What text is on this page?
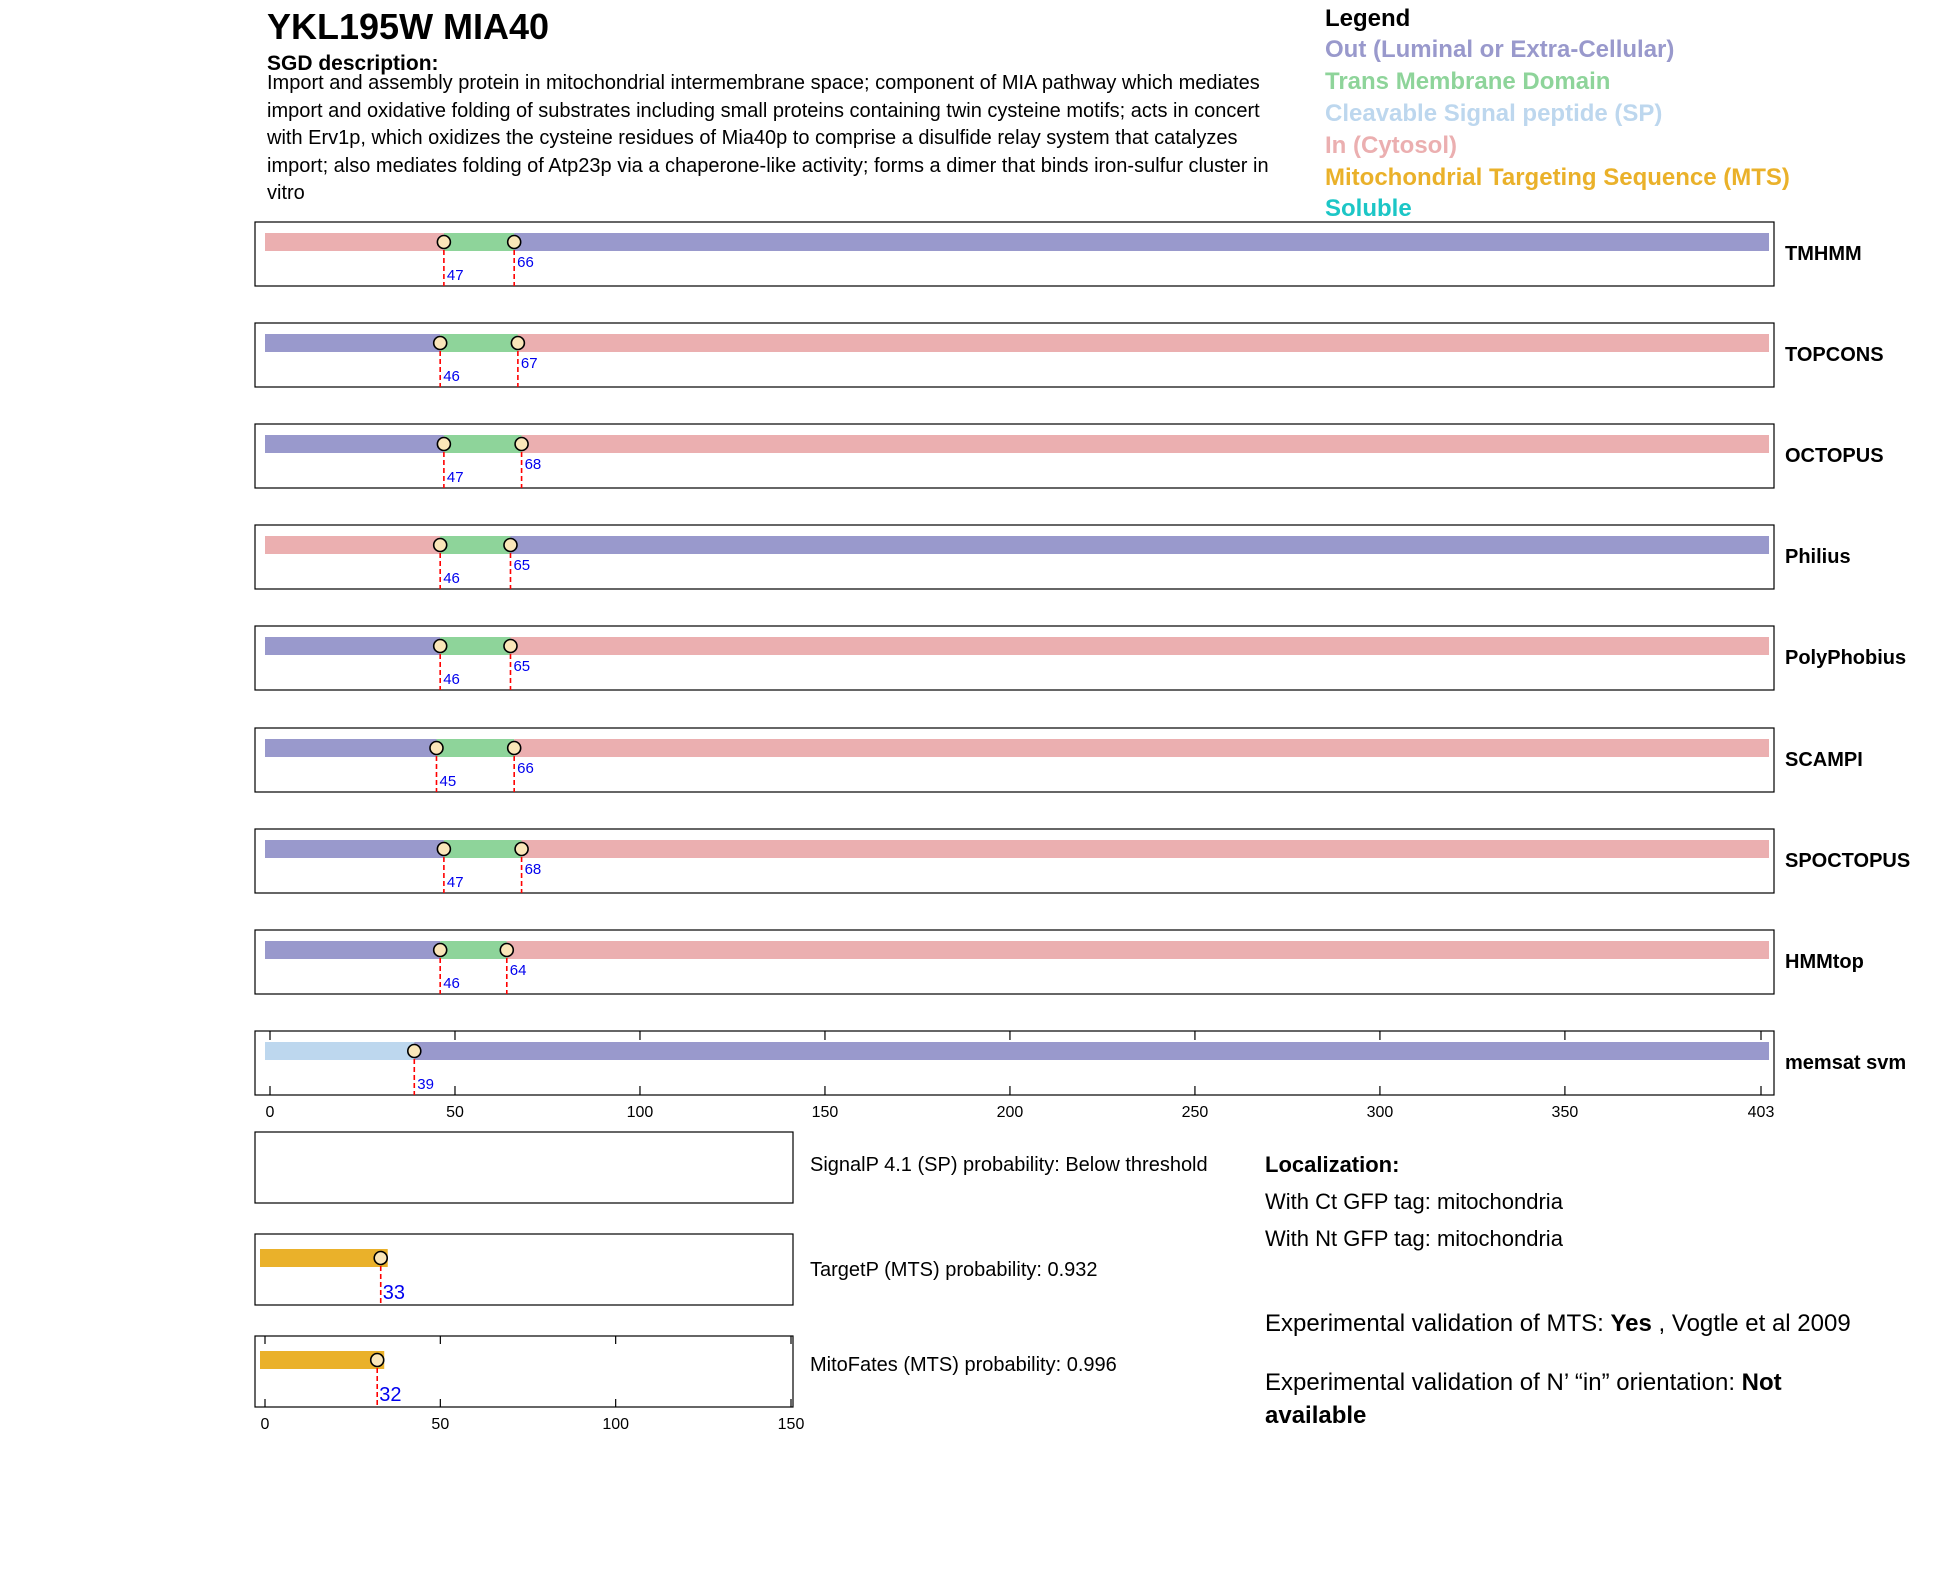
YKL195W MIA40
SGD description:
Import and assembly protein in mitochondrial intermembrane space; component of MIA pathway which mediates import and oxidative folding of substrates including small proteins containing twin cysteine motifs; acts in concert with Erv1p, which oxidizes the cysteine residues of Mia40p to comprise a disulfide relay system that catalyzes import; also mediates folding of Atp23p via a chaperone-like activity; forms a dimer that binds iron-sulfur cluster in vitro
Legend
Out (Luminal or Extra-Cellular)
Trans Membrane Domain
Cleavable Signal peptide (SP)
In (Cytosol)
Mitochondrial Targeting Sequence (MTS)
Soluble
47
66	TMHMM
46
67	TOPCONS
47
68	OCTOPUS
46
65	Philius
46
65	PolyPhobius
45
66	SCAMPI
47
68	SPOCTOPUS
46
64	HMMtop
39
memsat svm
0	50	100	150	200	250	300	350	403
33
32
0	50	100	150
SignalP 4.1 (SP) probability: Below threshold
TargetP (MTS) probability: 0.932
MitoFates (MTS) probability: 0.996
Localization:
With Ct GFP tag: mitochondria
With Nt GFP tag: mitochondria
Experimental validation of MTS: Yes , Vogtle et al 2009
Experimental validation of N’ “in” orientation: Not
available
